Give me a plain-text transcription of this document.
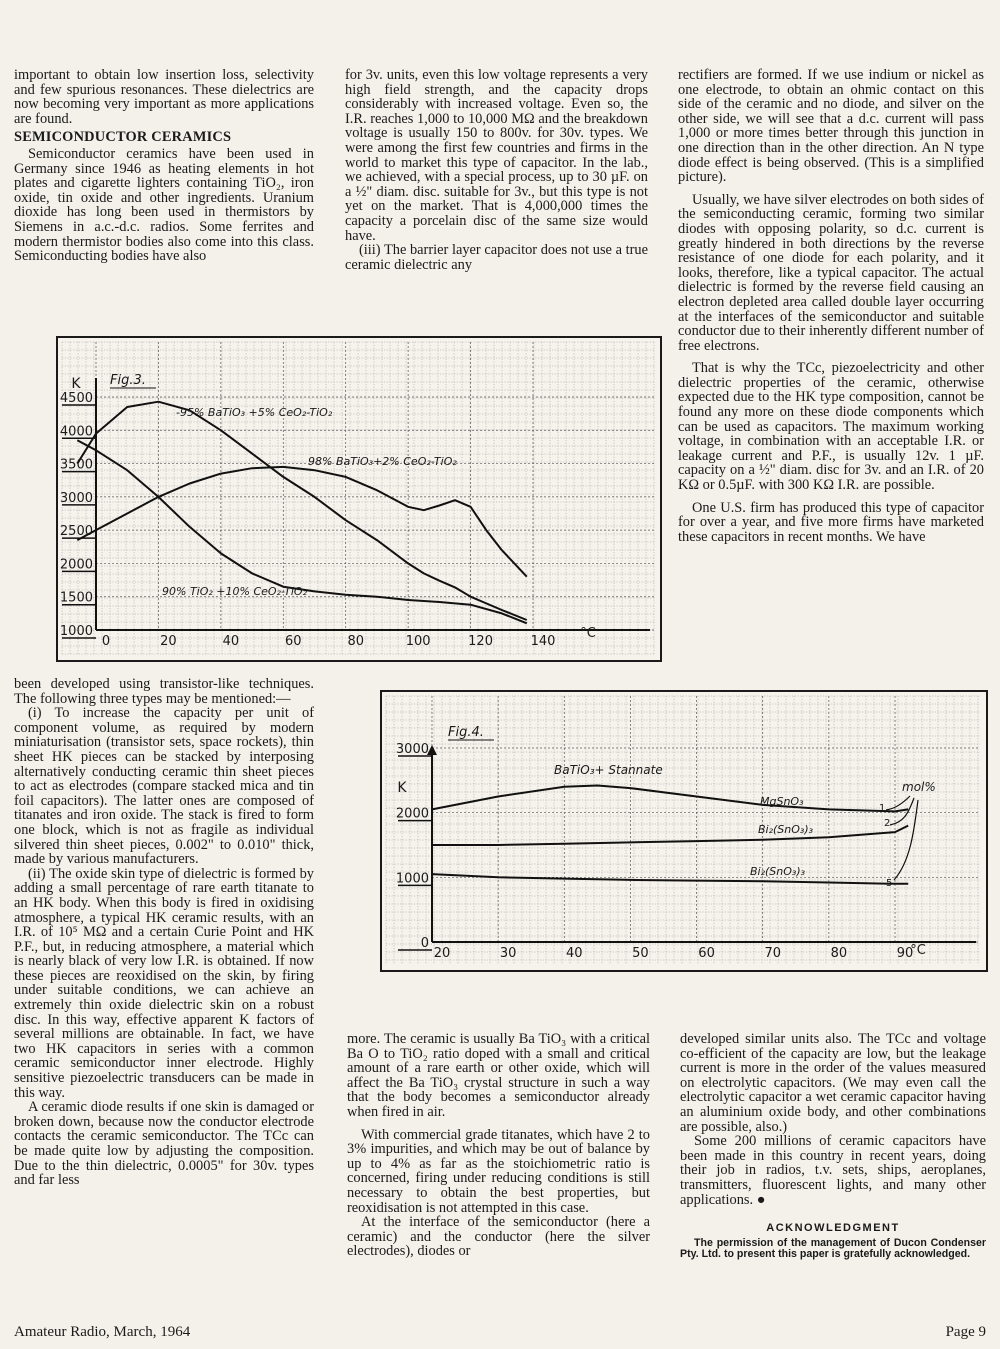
important to obtain low insertion loss, selectivity and few spurious resonances. These dielectrics are now becoming very important as more applications are found.

SEMICONDUCTOR CERAMICS

Semiconductor ceramics have been used in Germany since 1946 as heating elements in hot plates and cigarette lighters containing TiO₂, iron oxide, tin oxide and other ingredients. Uranium dioxide has long been used in thermistors by Siemens in a.c.-d.c. radios. Some ferrites and modern thermistor bodies also come into this class. Semiconducting bodies have also

for 3v. units, even this low voltage represents a very high field strength, and the capacity drops considerably with increased voltage. Even so, the I.R. reaches 1,000 to 10,000 MΩ and the breakdown voltage is usually 150 to 800v. for 30v. types. We were among the first few countries and firms in the world to market this type of capacitor. In the lab., we achieved, with a special process, up to 30 µF. on a ½" diam. disc. suitable for 3v., but this type is not yet on the market. That is 4,000,000 times the capacity a porcelain disc of the same size would have.

(iii) The barrier layer capacitor does not use a true ceramic dielectric any

rectifiers are formed. If we use indium or nickel as one electrode, to obtain an ohmic contact on this side of the ceramic and no diode, and silver on the other side, we will see that a d.c. current will pass 1,000 or more times better through this junction in one direction than in the other direction. An N type diode effect is being observed. (This is a simplified picture).

Usually, we have silver electrodes on both sides of the semiconducting ceramic, forming two similar diodes with opposing polarity, so d.c. current is greatly hindered in both directions by the reverse resistance of one diode for each polarity, and it looks, therefore, like a typical capacitor. The actual dielectric is formed by the reverse field causing an electron depleted area called double layer occurring at the interfaces of the semiconductor and suitable conductor due to their inherently different number of free electrons.

That is why the TCc, piezoelectricity and other dielectric properties of the ceramic, otherwise expected due to the HK type composition, cannot be found any more on these diode components which can be used as capacitors. The maximum working voltage, in combination with an acceptable I.R. or leakage current and P.F., is usually 12v. 1 µF. capacity on a ½" diam. disc for 3v. and an I.R. of 20 KΩ or 0.5µF. with 300 KΩ I.R. are possible.

One U.S. firm has produced this type of capacitor for over a year, and five more firms have marketed these capacitors in recent months. We have

0	20	40	60	80	100	120	140
1000
1500
2000
2500
3000
3500
4000
4500
°C
K Fig.3.
-95% BaTiO₃ +5% CeO₂-TiO₂
98% BaTiO₃+2% CeO₂-TiO₂
90% TiO₂ +10% CeO₂-TiO₂
20	30	40	50	60	70	80	90
0
1000
2000
3000
°C
K
Fig.4.
MgSnO₃
Bi₂(SnO₃)₃
Bi₂(SnO₃)₃
BaTiO₃+ Stannate
mol%
1
2
5

been developed using transistor-like techniques. The following three types may be mentioned:—

(i) To increase the capacity per unit of component volume, as required by modern miniaturisation (transistor sets, space rockets), thin sheet HK pieces can be stacked by interposing alternatively conducting ceramic thin sheet pieces to act as electrodes (compare stacked mica and tin foil capacitors). The latter ones are composed of titanates and iron oxide. The stack is fired to form one block, which is not as fragile as individual silvered thin sheet pieces, 0.002" to 0.010" thick, made by various manufacturers.

(ii) The oxide skin type of dielectric is formed by adding a small percentage of rare earth titanate to an HK body. When this body is fired in oxidising atmosphere, a typical HK ceramic results, with an I.R. of 10⁵ MΩ and a certain Curie Point and HK P.F., but, in reducing atmosphere, a material which is nearly black of very low I.R. is obtained. If now these pieces are reoxidised on the skin, by firing under suitable conditions, we can achieve an extremely thin oxide dielectric skin on a robust disc. In this way, effective apparent K factors of several millions are obtainable. In fact, we have two HK capacitors in series with a common ceramic semiconductor inner electrode. Highly sensitive piezoelectric transducers can be made in this way.

A ceramic diode results if one skin is damaged or broken down, because now the conductor electrode contacts the ceramic semiconductor. The TCc can be made quite low by adjusting the composition. Due to the thin dielectric, 0.0005" for 30v. types and far less

more. The ceramic is usually Ba TiO₃ with a critical Ba O to TiO₂ ratio doped with a small and critical amount of a rare earth or other oxide, which will affect the Ba TiO₃ crystal structure in such a way that the body becomes a semiconductor already when fired in air.

With commercial grade titanates, which have 2 to 3% impurities, and which may be out of balance by up to 4% as far as the stoichiometric ratio is concerned, firing under reducing conditions is still necessary to obtain the best properties, but reoxidisation is not attempted in this case.

At the interface of the semiconductor (here a ceramic) and the conductor (here the silver electrodes), diodes or

developed similar units also. The TCc and voltage co-efficient of the capacity are low, but the leakage current is more in the order of the values measured on electrolytic capacitors. (We may even call the electrolytic capacitor a wet ceramic capacitor having an aluminium oxide body, and other combinations are possible, also.)

Some 200 millions of ceramic capacitors have been made in this country in recent years, doing their job in radios, t.v. sets, ships, aeroplanes, transmitters, fluorescent lights, and many other applications. ●

ACKNOWLEDGMENT

The permission of the management of Ducon Condenser Pty. Ltd. to present this paper is gratefully acknowledged.

Amateur Radio, March, 1964	Page 9
